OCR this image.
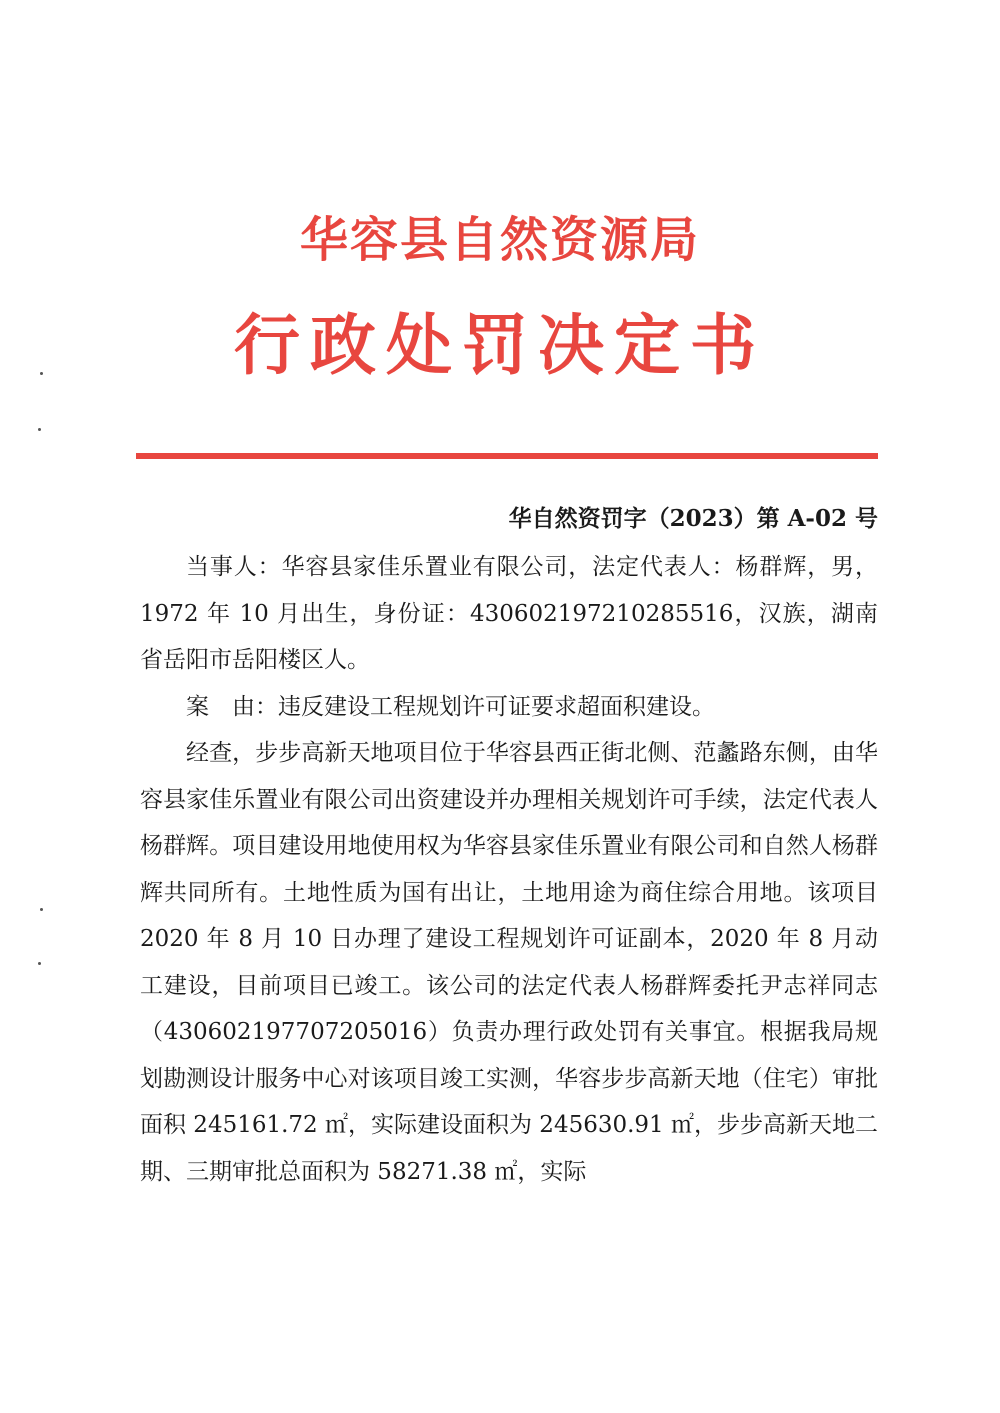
华容县自然资源局
行政处罚决定书
华自然资罚字（2023）第 A-02 号

当事人：华容县家佳乐置业有限公司，法定代表人：杨群辉，男，1972 年 10 月出生，身份证：430602197210285516，汉族，湖南省岳阳市岳阳楼区人。

案　由：违反建设工程规划许可证要求超面积建设。

经查，步步高新天地项目位于华容县西正街北侧、范蠡路东侧，由华容县家佳乐置业有限公司出资建设并办理相关规划许可手续，法定代表人杨群辉。项目建设用地使用权为华容县家佳乐置业有限公司和自然人杨群辉共同所有。土地性质为国有出让，土地用途为商住综合用地。该项目 2020 年 8 月 10 日办理了建设工程规划许可证副本，2020 年 8 月动工建设，目前项目已竣工。该公司的法定代表人杨群辉委托尹志祥同志（430602197707205016）负责办理行政处罚有关事宜。根据我局规划勘测设计服务中心对该项目竣工实测，华容步步高新天地（住宅）审批面积 245161.72 ㎡，实际建设面积为 245630.91 ㎡，步步高新天地二期、三期审批总面积为 58271.38 ㎡，实际
